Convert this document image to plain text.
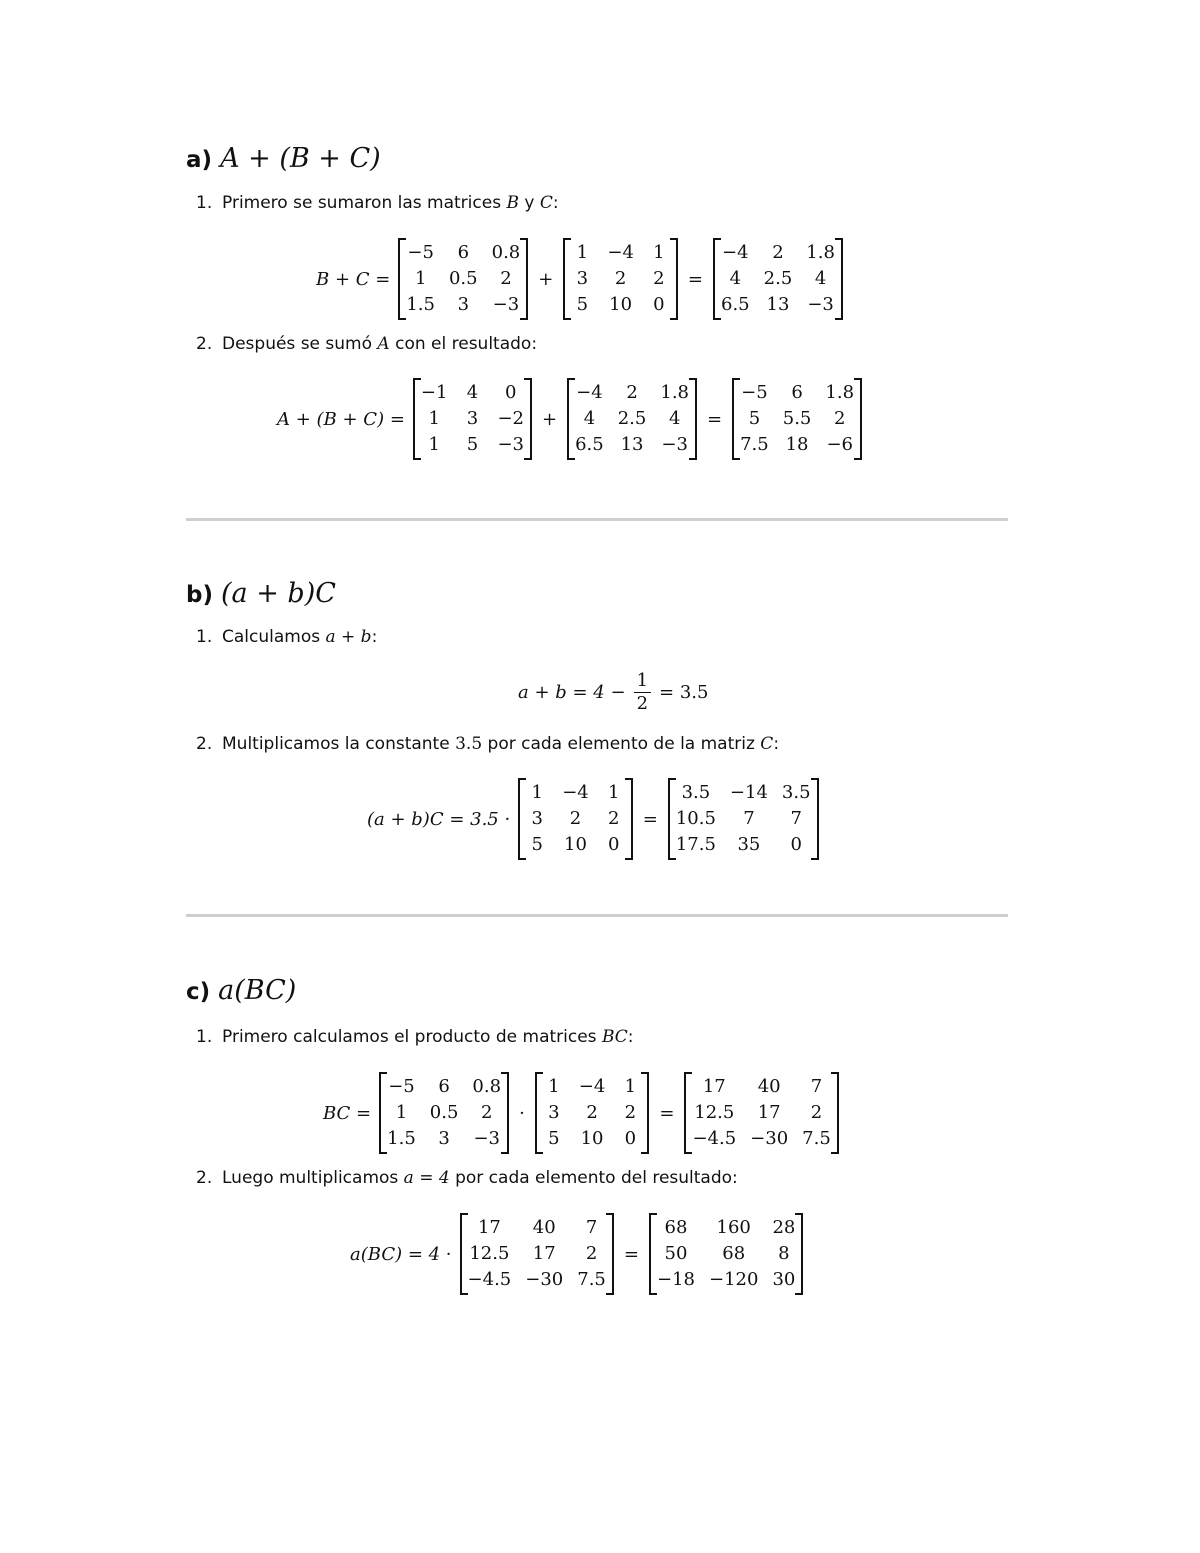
a) A + (B + C)
1. Primero se sumaron las matrices B y C:
B + C =
−5	6	0.8
1	0.5	2
1.5	3	−3
+
1 −4 1
3	2	2
5 10 0
=
−4	2	1.8
4	2.5	4
6.5 13 −3
2. Después se sumó A con el resultado:
A + (B + C) =
−1 4	0
1	3 −2
1	5 −3
+
−4	2	1.8
4	2.5	4
6.5 13 −3
=
−5	6	1.8
5	5.5	2
7.5 18 −6
b) (a + b)C
1. Calculamos a + b:
$a + b = 4 - \frac{1}{2} = 3.5$
2. Multiplicamos la constante 3.5 por cada elemento de la matriz C:
(a + b)C = 3.5 ·
1 −4 1
3	2	2
5 10 0
=
3.5	−14 3.5
10.5	7	7
17.5	35	0
c) a(BC)
1. Primero calculamos el producto de matrices BC:
BC =
−5	6	0.8
1	0.5	2
1.5	3	−3
·
1 −4 1
3	2	2
5 10 0
=
17	40	7
12.5	17	2
−4.5 −30 7.5
2. Luego multiplicamos a = 4 por cada elemento del resultado:
a(BC) = 4 ·
17	40	7
12.5	17	2
−4.5 −30 7.5
=
68	160	28
50	68	8
−18 −120 30
